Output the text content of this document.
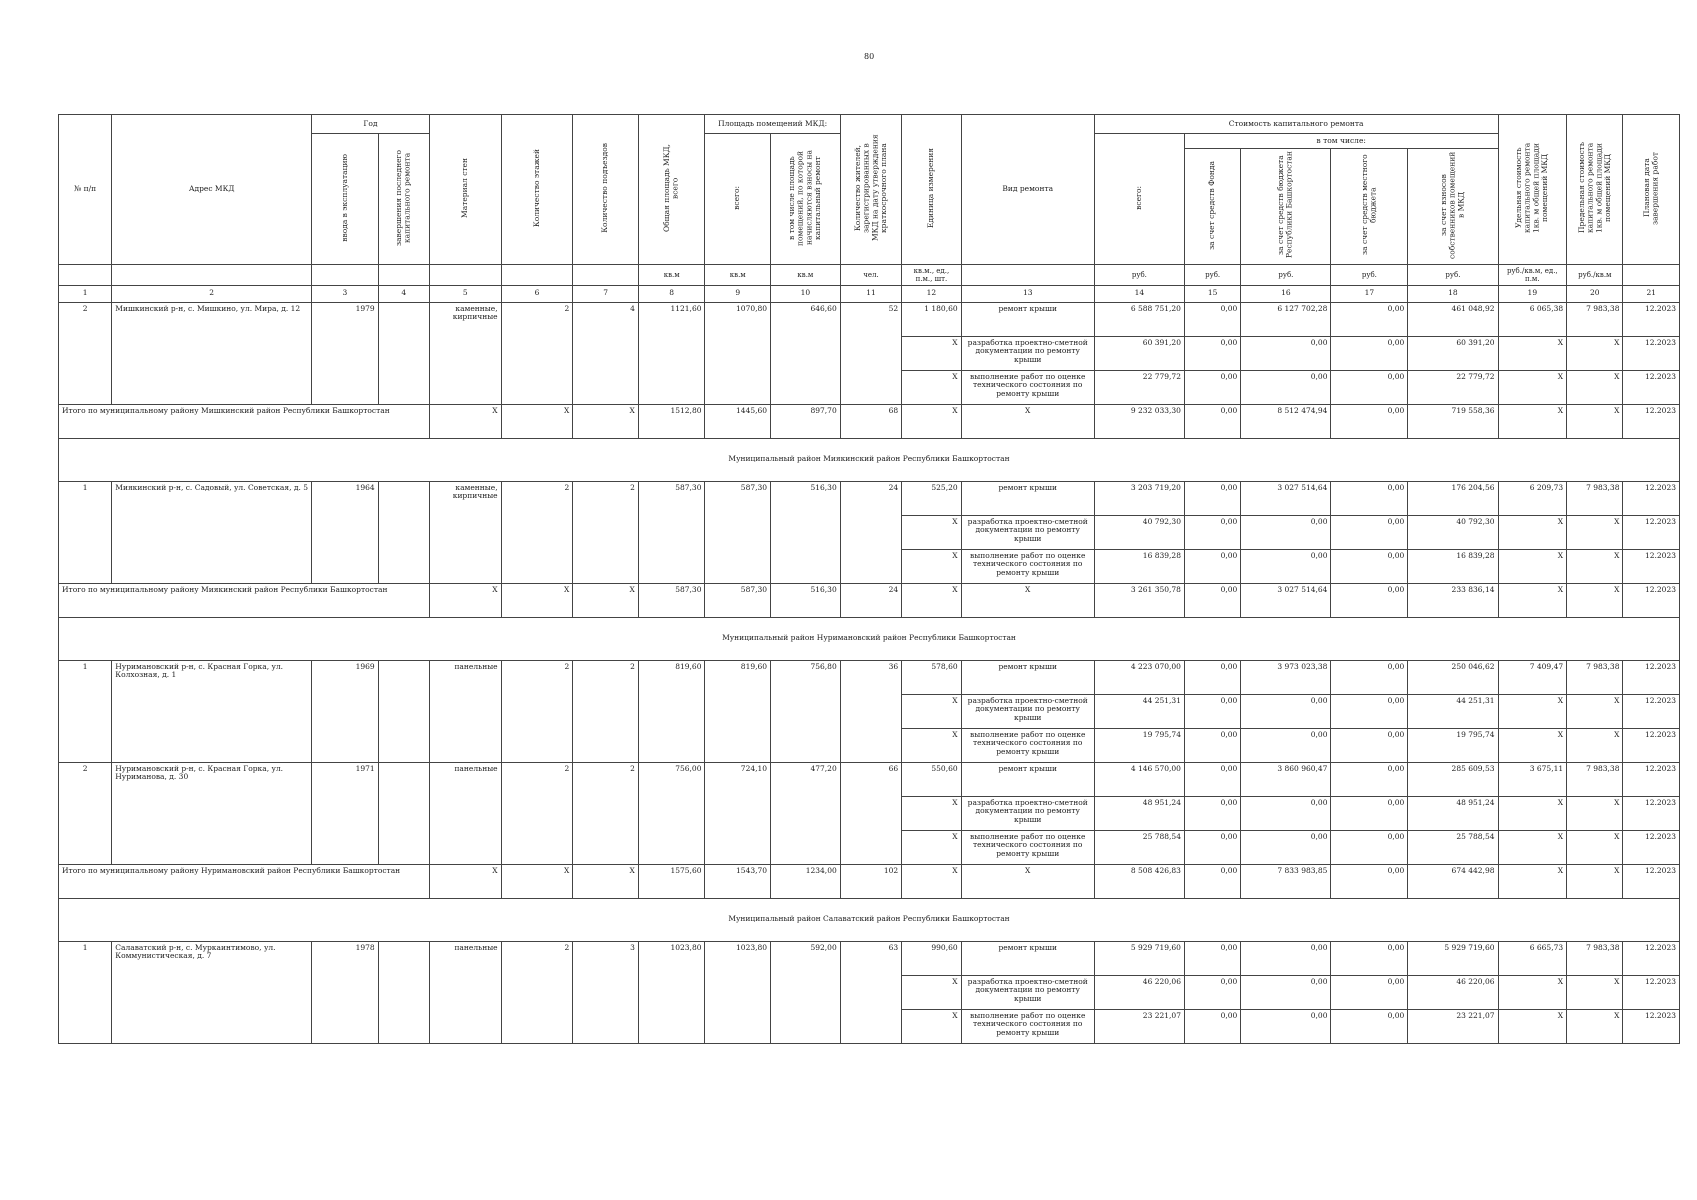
80
№ п/п	Адрес МКД	Год		Материал стен	Количество этажей	Количество подъездов	Общая площадь МКД, всего	Площадь помещений МКД:		Количество жителей, зарегистрированных в МКД на дату утверждения краткосрочного плана	Единица измерения	Вид ремонта	Стоимость капитального ремонта					Удельная стоимость капитального ремонта 1кв. м общей площади помещений МКД	Предельная стоимость капитального ремонта 1кв. м общей площади помещений МКД	Плановая дата завершения работ
		ввода в эксплуатацию	завершения последнего капитального ремонта					всего:	в том числе площадь помещений, по которой начисляются взносы на капитальный ремонт				всего:	в том числе:						
														за счет средств Фонда	за счет средств бюджета Республики Башкортостан	за счет средств местного бюджета	за счет взносов собственников помещений в МКД			
							кв.м	кв.м	кв.м	чел.	кв.м., ед., п.м., шт.		руб.	руб.	руб.	руб.	руб.	руб./кв.м, ед., п.м.	руб./кв.м	
1	2	3	4	5	6	7	8	9	10	11	12	13	14	15	16	17	18	19	20	21
2	Мишкинский р-н, с. Мишкино, ул. Мира, д. 12	1979		каменные, кирпичные	2	4	1121,60	1070,80	646,60	52	1 180,60	ремонт крыши	6 588 751,20	0,00	6 127 702,28	0,00	461 048,92	6 065,38	7 983,38	12.2023
											X	разработка проектно-сметной документации по ремонту крыши	60 391,20	0,00	0,00	0,00	60 391,20	X	X	12.2023
											X	выполнение работ по оценке технического состояния по ремонту крыши	22 779,72	0,00	0,00	0,00	22 779,72	X	X	12.2023
Итого по муниципальному району Мишкинский район Республики Башкортостан				X	X	X	1512,80	1445,60	897,70	68	X	X	9 232 033,30	0,00	8 512 474,94	0,00	719 558,36	X	X	12.2023
Муниципальный район Миякинский район Республики Башкортостан																				
1	Миякинский р-н, с. Садовый, ул. Советская, д. 5	1964		каменные, кирпичные	2	2	587,30	587,30	516,30	24	525,20	ремонт крыши	3 203 719,20	0,00	3 027 514,64	0,00	176 204,56	6 209,73	7 983,38	12.2023
											X	разработка проектно-сметной документации по ремонту крыши	40 792,30	0,00	0,00	0,00	40 792,30	X	X	12.2023
											X	выполнение работ по оценке технического состояния по ремонту крыши	16 839,28	0,00	0,00	0,00	16 839,28	X	X	12.2023
Итого по муниципальному району Миякинский район Республики Башкортостан				X	X	X	587,30	587,30	516,30	24	X	X	3 261 350,78	0,00	3 027 514,64	0,00	233 836,14	X	X	12.2023
Муниципальный район Нуримановский район Республики Башкортостан																				
1	Нуримановский р-н, с. Красная Горка, ул. Колхозная, д. 1	1969		панельные	2	2	819,60	819,60	756,80	36	578,60	ремонт крыши	4 223 070,00	0,00	3 973 023,38	0,00	250 046,62	7 409,47	7 983,38	12.2023
											X	разработка проектно-сметной документации по ремонту крыши	44 251,31	0,00	0,00	0,00	44 251,31	X	X	12.2023
											X	выполнение работ по оценке технического состояния по ремонту крыши	19 795,74	0,00	0,00	0,00	19 795,74	X	X	12.2023
2	Нуримановский р-н, с. Красная Горка, ул. Нуриманова, д. 30	1971		панельные	2	2	756,00	724,10	477,20	66	550,60	ремонт крыши	4 146 570,00	0,00	3 860 960,47	0,00	285 609,53	3 675,11	7 983,38	12.2023
											X	разработка проектно-сметной документации по ремонту крыши	48 951,24	0,00	0,00	0,00	48 951,24	X	X	12.2023
											X	выполнение работ по оценке технического состояния по ремонту крыши	25 788,54	0,00	0,00	0,00	25 788,54	X	X	12.2023
Итого по муниципальному району Нуримановский район Республики Башкортостан				X	X	X	1575,60	1543,70	1234,00	102	X	X	8 508 426,83	0,00	7 833 983,85	0,00	674 442,98	X	X	12.2023
Муниципальный район Салаватский район Республики Башкортостан																				
1	Салаватский р-н, с. Муркаинтимово, ул. Коммунистическая, д. 7	1978		панельные	2	3	1023,80	1023,80	592,00	63	990,60	ремонт крыши	5 929 719,60	0,00	0,00	0,00	5 929 719,60	6 665,73	7 983,38	12.2023
											X	разработка проектно-сметной документации по ремонту крыши	46 220,06	0,00	0,00	0,00	46 220,06	X	X	12.2023
											X	выполнение работ по оценке технического состояния по ремонту крыши	23 221,07	0,00	0,00	0,00	23 221,07	X	X	12.2023
